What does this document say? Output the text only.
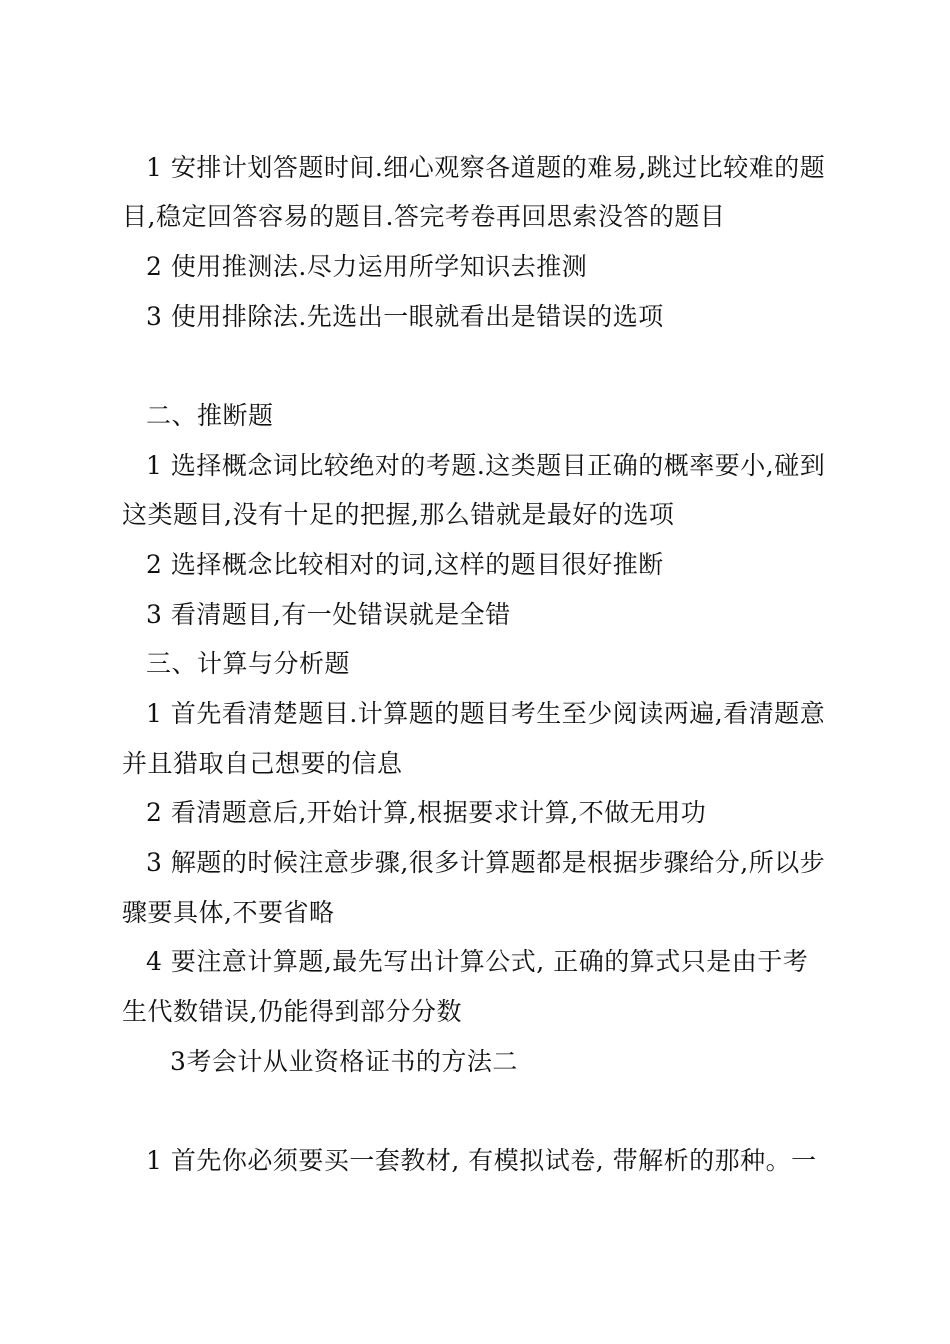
1 安排计划答题时间.细心观察各道题的难易,跳过比较难的题
目,稳定回答容易的题目.答完考卷再回思索没答的题目
2 使用推测法.尽力运用所学知识去推测
3 使用排除法.先选出一眼就看出是错误的选项
二、推断题
1 选择概念词比较绝对的考题.这类题目正确的概率要小,碰到
这类题目,没有十足的把握,那么错就是最好的选项
2 选择概念比较相对的词,这样的题目很好推断
3 看清题目,有一处错误就是全错
三、计算与分析题
1 首先看清楚题目.计算题的题目考生至少阅读两遍,看清题意
并且猎取自己想要的信息
2 看清题意后,开始计算,根据要求计算,不做无用功
3 解题的时候注意步骤,很多计算题都是根据步骤给分,所以步
骤要具体,不要省略
4 要注意计算题,最先写出计算公式, 正确的算式只是由于考
生代数错误,仍能得到部分分数
3考会计从业资格证书的方法二
1 首先你必须要买一套教材, 有模拟试卷, 带解析的那种。一
